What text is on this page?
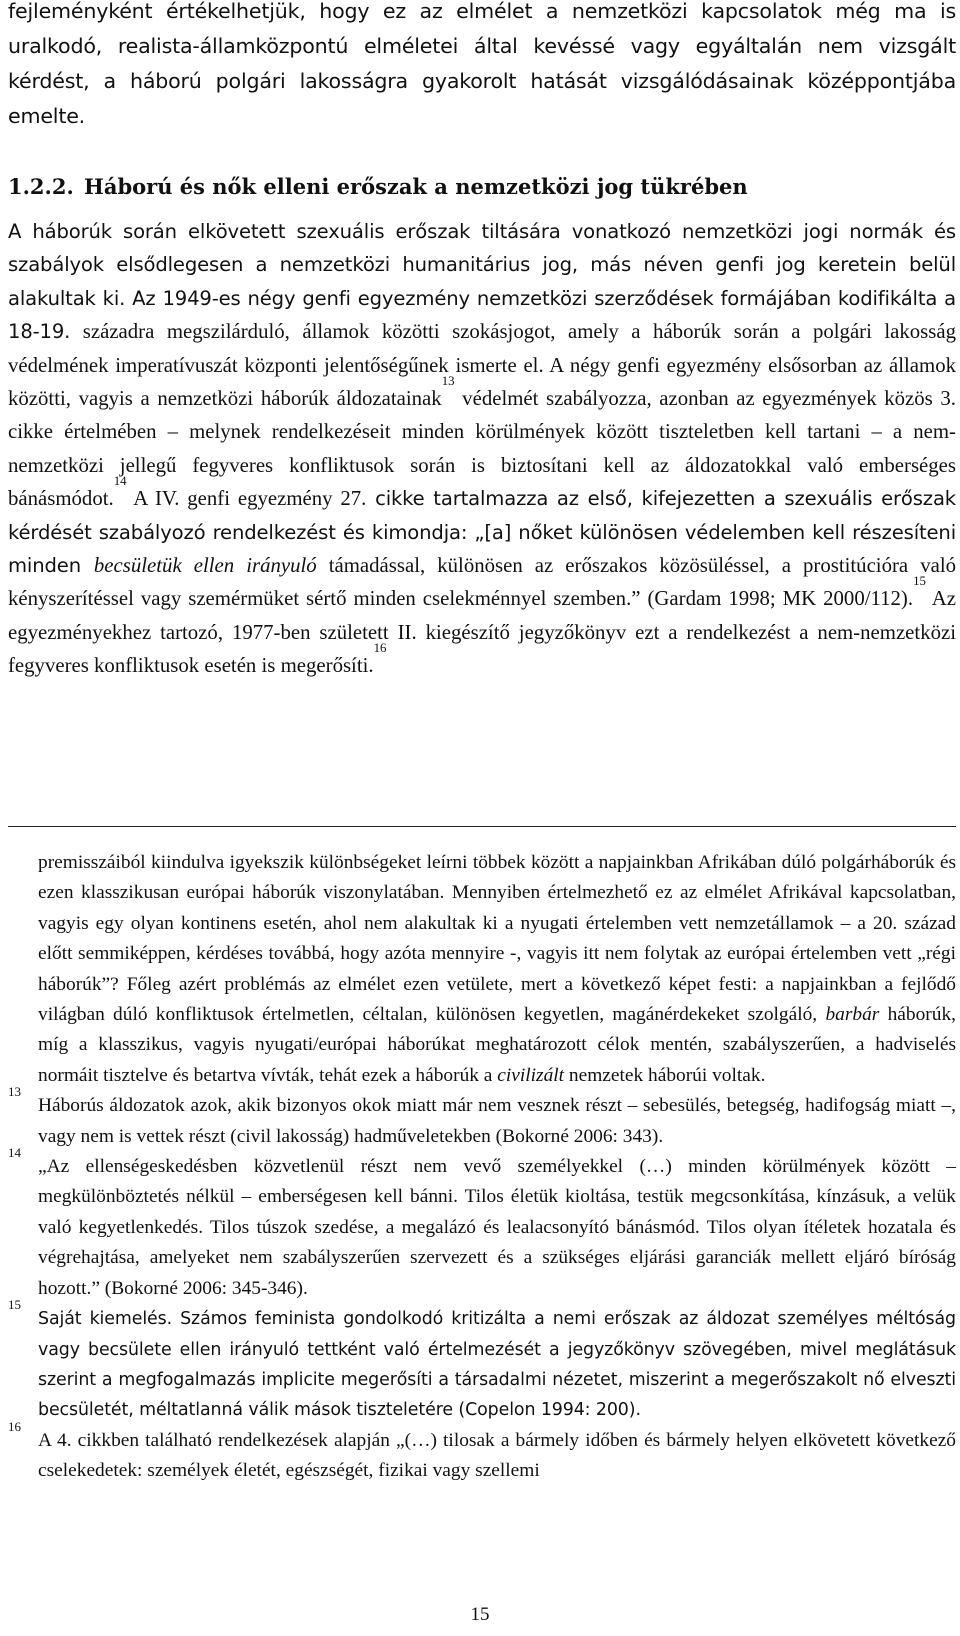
fejleményként értékelhetjük, hogy ez az elmélet a nemzetközi kapcsolatok még ma is uralkodó, realista-államközpontú elméletei által kevéssé vagy egyáltalán nem vizsgált kérdést, a háború polgári lakosságra gyakorolt hatását vizsgálódásainak középpontjába emelte.
1.2.2. Háború és nők elleni erőszak a nemzetközi jog tükrében
A háborúk során elkövetett szexuális erőszak tiltására vonatkozó nemzetközi jogi normák és szabályok elsődlegesen a nemzetközi humanitárius jog, más néven genfi jog keretein belül alakultak ki. Az 1949-es négy genfi egyezmény nemzetközi szerződések formájában kodifikálta a 18-19. századra megszilárduló, államok közötti szokásjogot, amely a háborúk során a polgári lakosság védelmének imperatívuszát központi jelentőségűnek ismerte el. A négy genfi egyezmény elsősorban az államok közötti, vagyis a nemzetközi háborúk áldozatainak$^{13}$ védelmét szabályozza, azonban az egyezmények közös 3. cikke értelmében ‒ melynek rendelkezéseit minden körülmények között tiszteletben kell tartani ‒ a nem-nemzetközi jellegű fegyveres konfliktusok során is biztosítani kell az áldozatokkal való emberséges bánásmódot.$^{14}$ A IV. genfi egyezmény 27. cikke tartalmazza az első, kifejezetten a szexuális erőszak kérdését szabályozó rendelkezést és kimondja: „[a] nőket különösen védelemben kell részesíteni minden becsületük ellen irányuló támadással, különösen az erőszakos közösüléssel, a prostitúcióra való kényszerítéssel vagy szemérmüket sértő minden cselekménnyel szemben.” (Gardam 1998; MK 2000/112).$^{15}$ Az egyezményekhez tartozó, 1977-ben született II. kiegészítő jegyzőkönyv ezt a rendelkezést a nem-nemzetközi fegyveres konfliktusok esetén is megerősíti.$^{16}$
premisszáiból kiindulva igyekszik különbségeket leírni többek között a napjainkban Afrikában dúló polgárháborúk és ezen klasszikusan európai háborúk viszonylatában. Mennyiben értelmezhető ez az elmélet Afrikával kapcsolatban, vagyis egy olyan kontinens esetén, ahol nem alakultak ki a nyugati értelemben vett nemzetállamok ‒ a 20. század előtt semmiképpen, kérdéses továbbá, hogy azóta mennyire -, vagyis itt nem folytak az európai értelemben vett „régi háborúk”? Főleg azért problémás az elmélet ezen vetülete, mert a következő képet festi: a napjainkban a fejlődő világban dúló konfliktusok értelmetlen, céltalan, különösen kegyetlen, magánérdekeket szolgáló, barbár háborúk, míg a klasszikus, vagyis nyugati/európai háborúkat meghatározott célok mentén, szabályszerűen, a hadviselés normáit tisztelve és betartva vívták, tehát ezek a háborúk a civilizált nemzetek háborúi voltak.
13
Háborús áldozatok azok, akik bizonyos okok miatt már nem vesznek részt ‒ sebesülés, betegség, hadifogság miatt ‒, vagy nem is vettek részt (civil lakosság) hadműveletekben (Bokorné 2006: 343).
14
„Az ellenségeskedésben közvetlenül részt nem vevő személyekkel (…) minden körülmények között ‒ megkülönböztetés nélkül ‒ emberségesen kell bánni. Tilos életük kioltása, testük megcsonkítása, kínzásuk, a velük való kegyetlenkedés. Tilos túszok szedése, a megalázó és lealacsonyító bánásmód. Tilos olyan ítéletek hozatala és végrehajtása, amelyeket nem szabályszerűen szervezett és a szükséges eljárási garanciák mellett eljáró bíróság hozott.” (Bokorné 2006: 345-346).
15
Saját kiemelés. Számos feminista gondolkodó kritizálta a nemi erőszak az áldozat személyes méltóság vagy becsülete ellen irányuló tettként való értelmezését a jegyzőkönyv szövegében, mivel meglátásuk szerint a megfogalmazás implicite megerősíti a társadalmi nézetet, miszerint a megerőszakolt nő elveszti becsületét, méltatlanná válik mások tiszteletére (Copelon 1994: 200).
16
A 4. cikkben található rendelkezések alapján „(…) tilosak a bármely időben és bármely helyen elkövetett következő cselekedetek: személyek életét, egészségét, fizikai vagy szellemi
15
